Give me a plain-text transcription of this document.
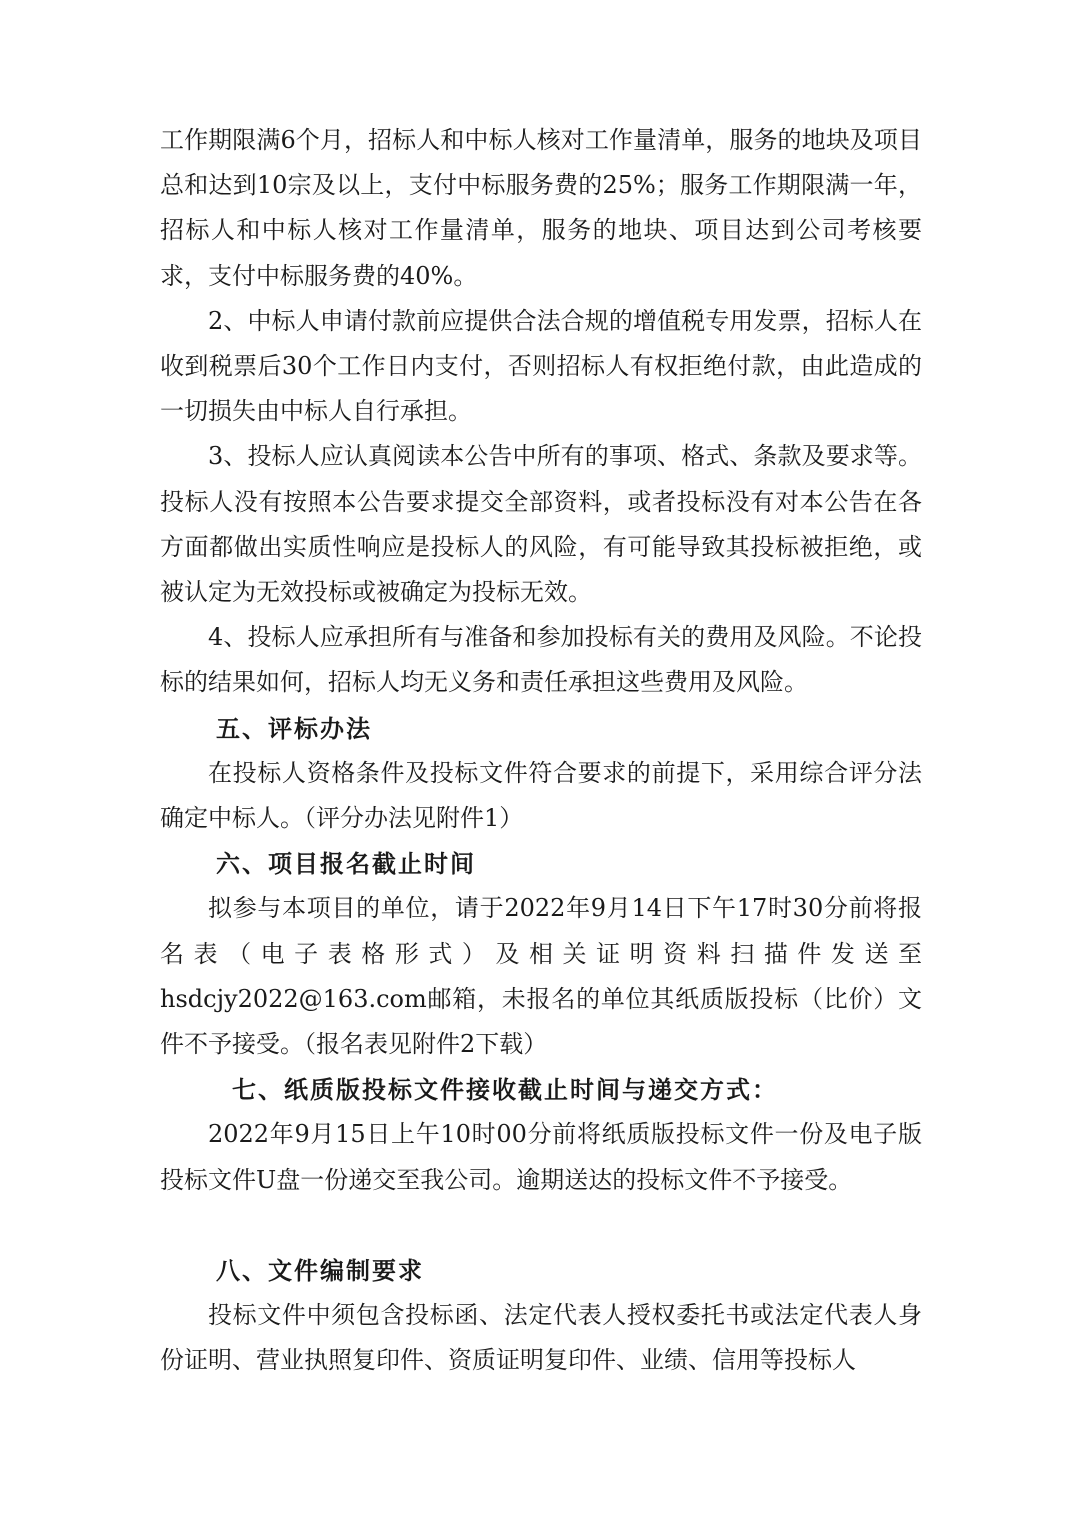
工作期限满6个月，招标人和中标人核对工作量清单，服务的地块及项目总和达到10宗及以上，支付中标服务费的25%；服务工作期限满一年，招标人和中标人核对工作量清单，服务的地块、项目达到公司考核要求，支付中标服务费的40%。

2、中标人申请付款前应提供合法合规的增值税专用发票，招标人在收到税票后30个工作日内支付，否则招标人有权拒绝付款，由此造成的一切损失由中标人自行承担。

3、投标人应认真阅读本公告中所有的事项、格式、条款及要求等。投标人没有按照本公告要求提交全部资料，或者投标没有对本公告在各方面都做出实质性响应是投标人的风险，有可能导致其投标被拒绝，或被认定为无效投标或被确定为投标无效。

4、投标人应承担所有与准备和参加投标有关的费用及风险。不论投标的结果如何，招标人均无义务和责任承担这些费用及风险。

五、评标办法

在投标人资格条件及投标文件符合要求的前提下，采用综合评分法确定中标人。（评分办法见附件1）

六、项目报名截止时间

拟参与本项目的单位，请于2022年9月14日下午17时30分前将报名表（电子表格形式）及相关证明资料扫描件发送至hsdcjy2022@163.com邮箱，未报名的单位其纸质版投标（比价）文件不予接受。（报名表见附件2下载）

七、纸质版投标文件接收截止时间与递交方式：

2022年9月15日上午10时00分前将纸质版投标文件一份及电子版投标文件U盘一份递交至我公司。逾期送达的投标文件不予接受。

八、文件编制要求

投标文件中须包含投标函、法定代表人授权委托书或法定代表人身份证明、营业执照复印件、资质证明复印件、业绩、信用等投标人
